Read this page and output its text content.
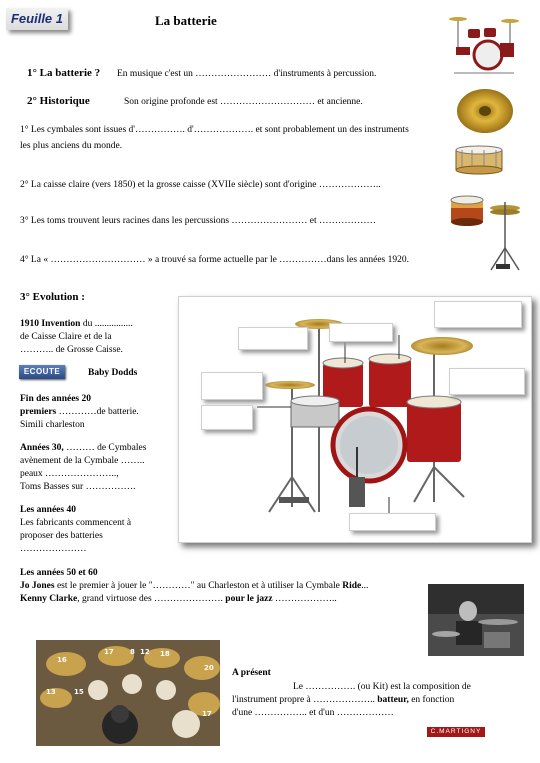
Feuille 1	La batterie
1° La batterie ? En musique c'est un …………………… d'instruments à percussion.
2° Historique	Son origine profonde est ………………………… et ancienne.
1° Les cymbales sont issues d'……………. d'………………. et sont probablement un des instruments les plus anciens du monde.
2° La caisse claire (vers 1850) et la grosse caisse (XVIIe siècle) sont d'origine ………………..
3° Les toms trouvent leurs racines dans les percussions …………………… et ………………
4° La « ………………………… » a trouvé sa forme actuelle par le ……………dans les années 1920.
3° Evolution :
1910 Invention du ................
de Caisse Claire et de la
……….. de Grosse Caisse.
ECOUTE	Baby Dodds
Fin des années 20
premiers …………de batterie.
Simili charleston
Années 30, ……… de Cymbales
avènement de la Cymbale ……..
peaux …………………..,
Toms Basses sur …………….
Les années 40
Les fabricants commencent à
proposer des batteries
…………………
Les années 50 et 60
Jo Jones est le premier à jouer le "…………" au Charleston et à utiliser la Cymbale Ride...
Kenny Clarke, grand virtuose des …………………. pour le jazz ………………..
16
17 8 12 18
20
13	15
17
A présent
Le ……………. (ou Kit) est la composition de
l'instrument propre à ……………….. batteur, en fonction
d'une …………….. et d'un ………………
C.MARTIGNY
